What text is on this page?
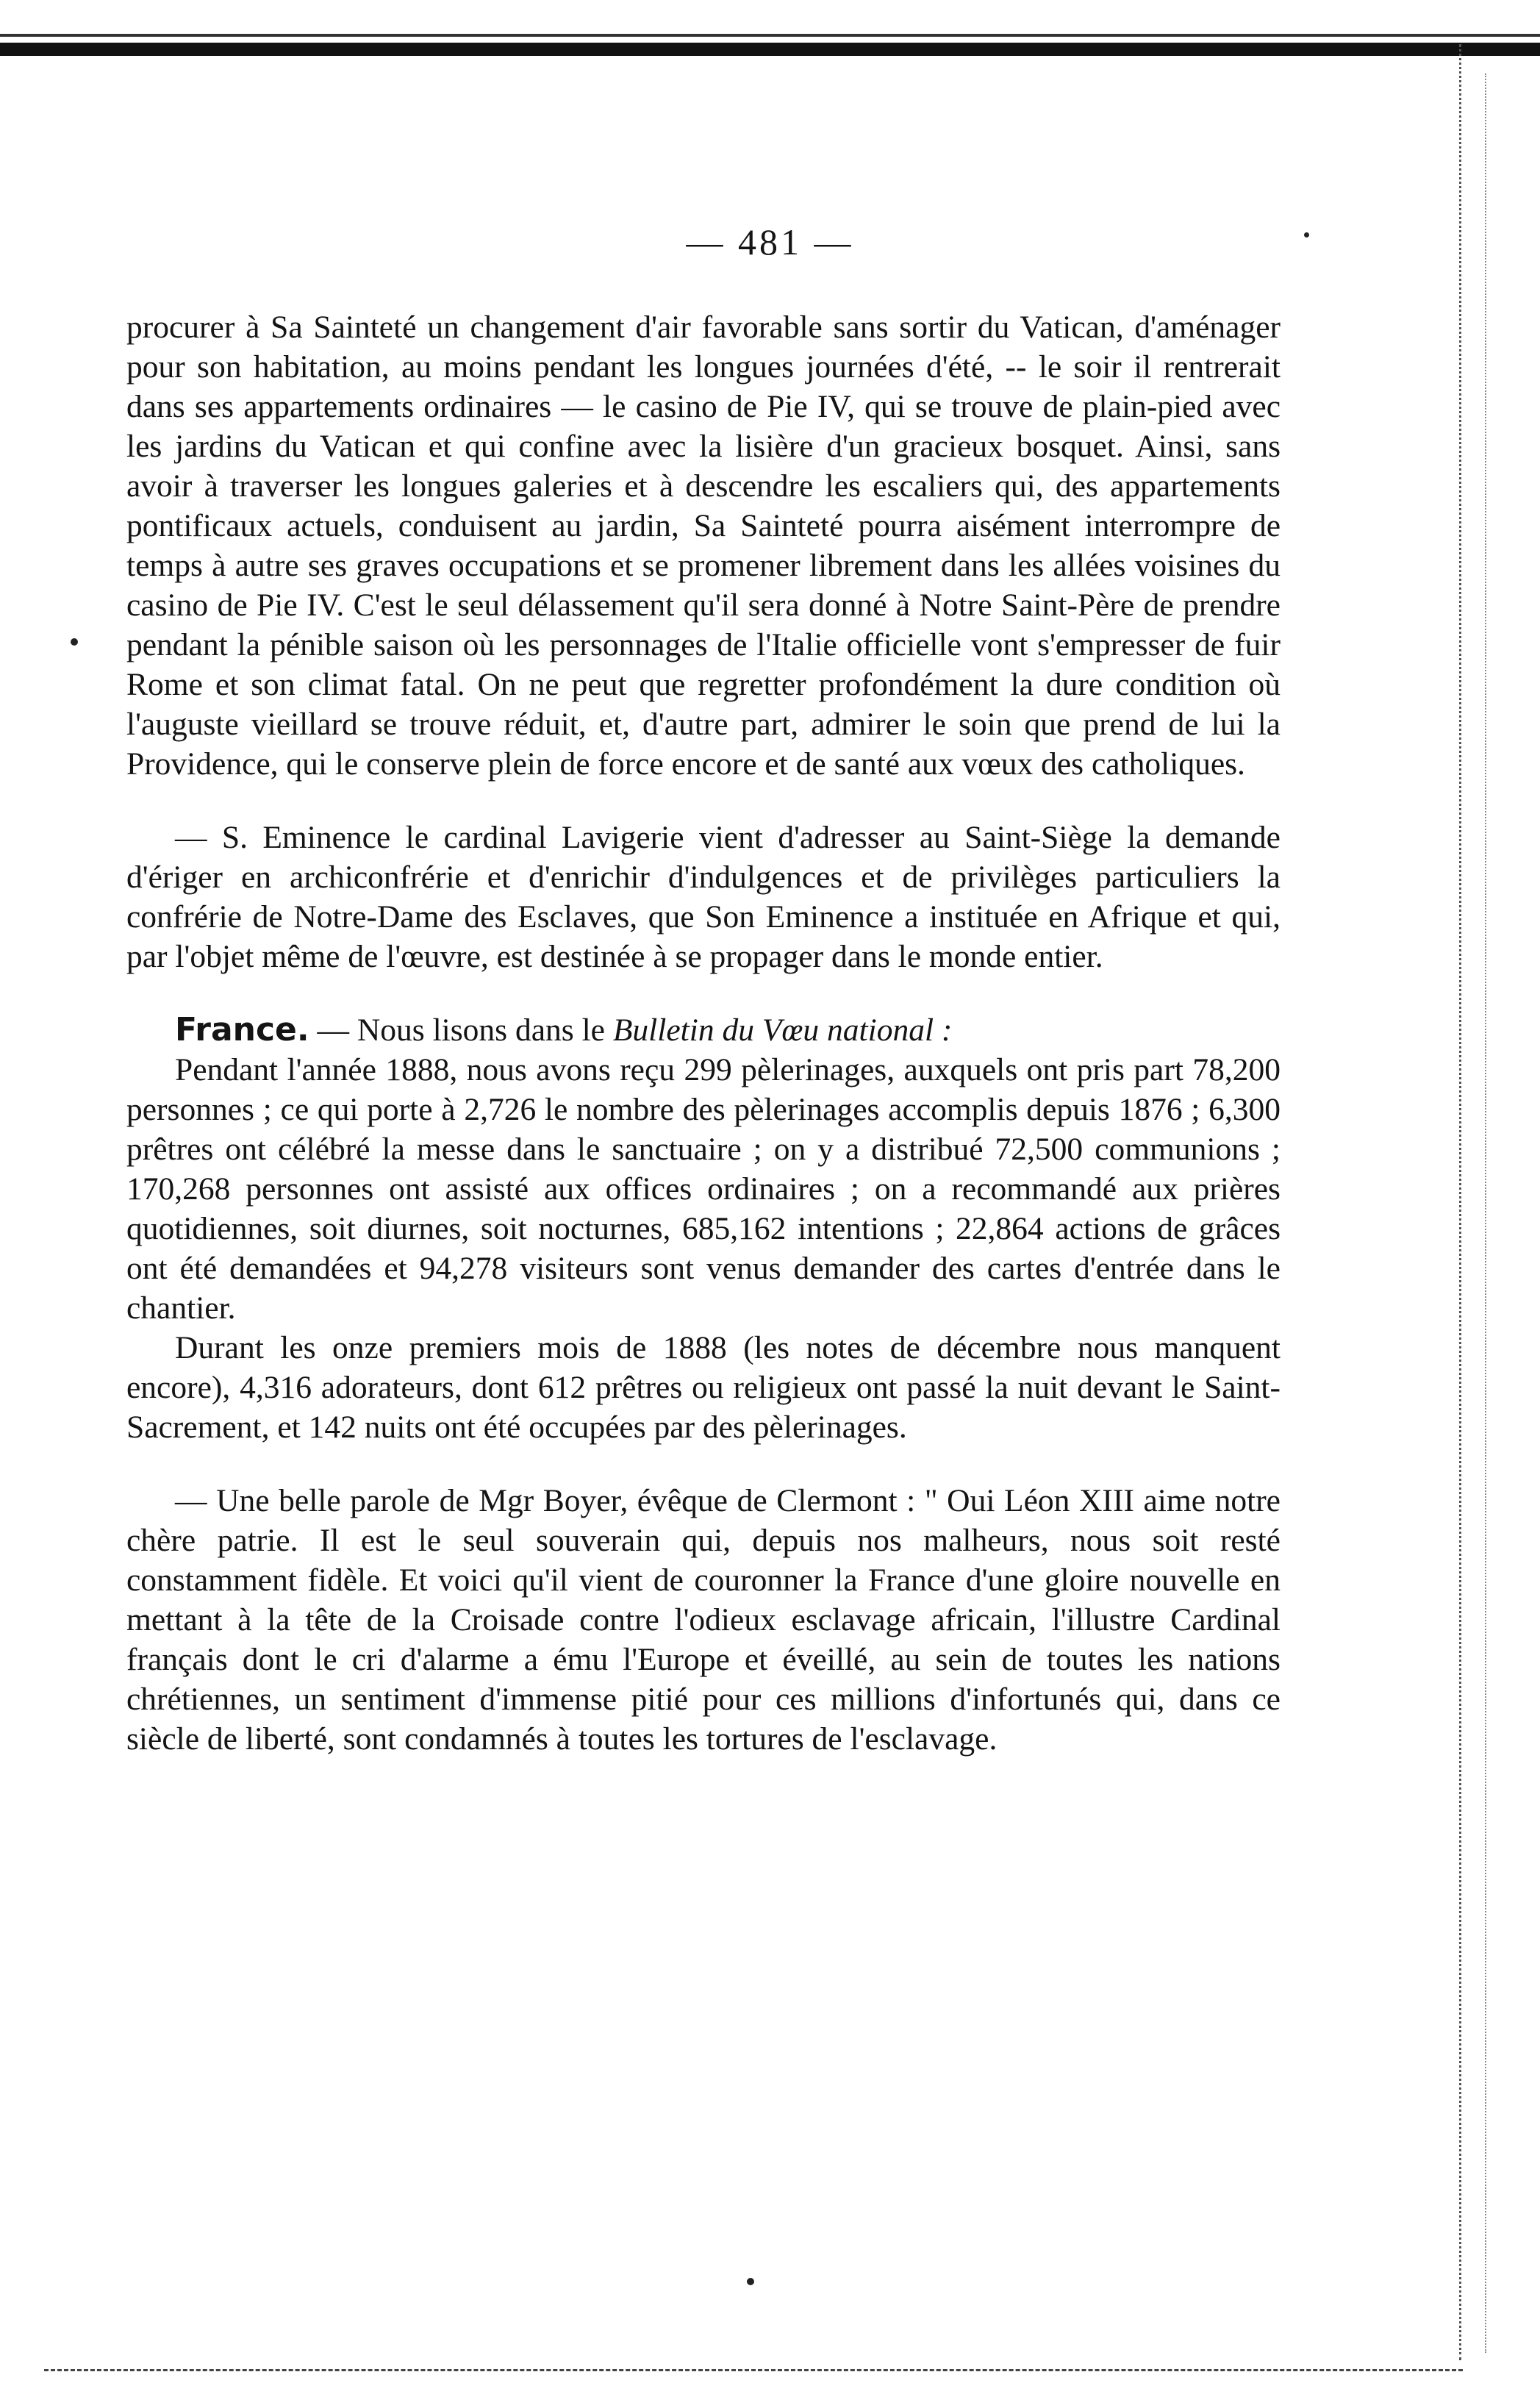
— 481 —

procurer à Sa Sainteté un changement d'air favorable sans sortir du Vatican, d'aménager pour son habitation, au moins pendant les longues journées d'été, -- le soir il rentrerait dans ses appartements ordinaires — le casino de Pie IV, qui se trouve de plain-pied avec les jardins du Vatican et qui confine avec la lisière d'un gracieux bosquet. Ainsi, sans avoir à traverser les longues galeries et à descendre les escaliers qui, des appartements pontificaux actuels, conduisent au jardin, Sa Sainteté pourra aisément interrompre de temps à autre ses graves occupations et se promener librement dans les allées voisines du casino de Pie IV. C'est le seul délassement qu'il sera donné à Notre Saint-Père de prendre pendant la pénible saison où les personnages de l'Italie officielle vont s'empresser de fuir Rome et son climat fatal. On ne peut que regretter profondément la dure condition où l'auguste vieillard se trouve réduit, et, d'autre part, admirer le soin que prend de lui la Providence, qui le conserve plein de force encore et de santé aux vœux des catholiques.

— S. Eminence le cardinal Lavigerie vient d'adresser au Saint-Siège la demande d'ériger en archiconfrérie et d'enrichir d'indulgences et de privilèges particuliers la confrérie de Notre-Dame des Esclaves, que Son Eminence a instituée en Afrique et qui, par l'objet même de l'œuvre, est destinée à se propager dans le monde entier.

France. — Nous lisons dans le Bulletin du Vœu national :

Pendant l'année 1888, nous avons reçu 299 pèlerinages, auxquels ont pris part 78,200 personnes ; ce qui porte à 2,726 le nombre des pèlerinages accomplis depuis 1876 ; 6,300 prêtres ont célébré la messe dans le sanctuaire ; on y a distribué 72,500 communions ; 170,268 personnes ont assisté aux offices ordinaires ; on a recommandé aux prières quotidiennes, soit diurnes, soit nocturnes, 685,162 intentions ; 22,864 actions de grâces ont été demandées et 94,278 visiteurs sont venus demander des cartes d'entrée dans le chantier.

Durant les onze premiers mois de 1888 (les notes de décembre nous manquent encore), 4,316 adorateurs, dont 612 prêtres ou religieux ont passé la nuit devant le Saint-Sacrement, et 142 nuits ont été occupées par des pèlerinages.

— Une belle parole de Mgr Boyer, évêque de Clermont : " Oui Léon XIII aime notre chère patrie. Il est le seul souverain qui, depuis nos malheurs, nous soit resté constamment fidèle. Et voici qu'il vient de couronner la France d'une gloire nouvelle en mettant à la tête de la Croisade contre l'odieux esclavage africain, l'illustre Cardinal français dont le cri d'alarme a ému l'Europe et éveillé, au sein de toutes les nations chrétiennes, un sentiment d'immense pitié pour ces millions d'infortunés qui, dans ce siècle de liberté, sont condamnés à toutes les tortures de l'esclavage.
